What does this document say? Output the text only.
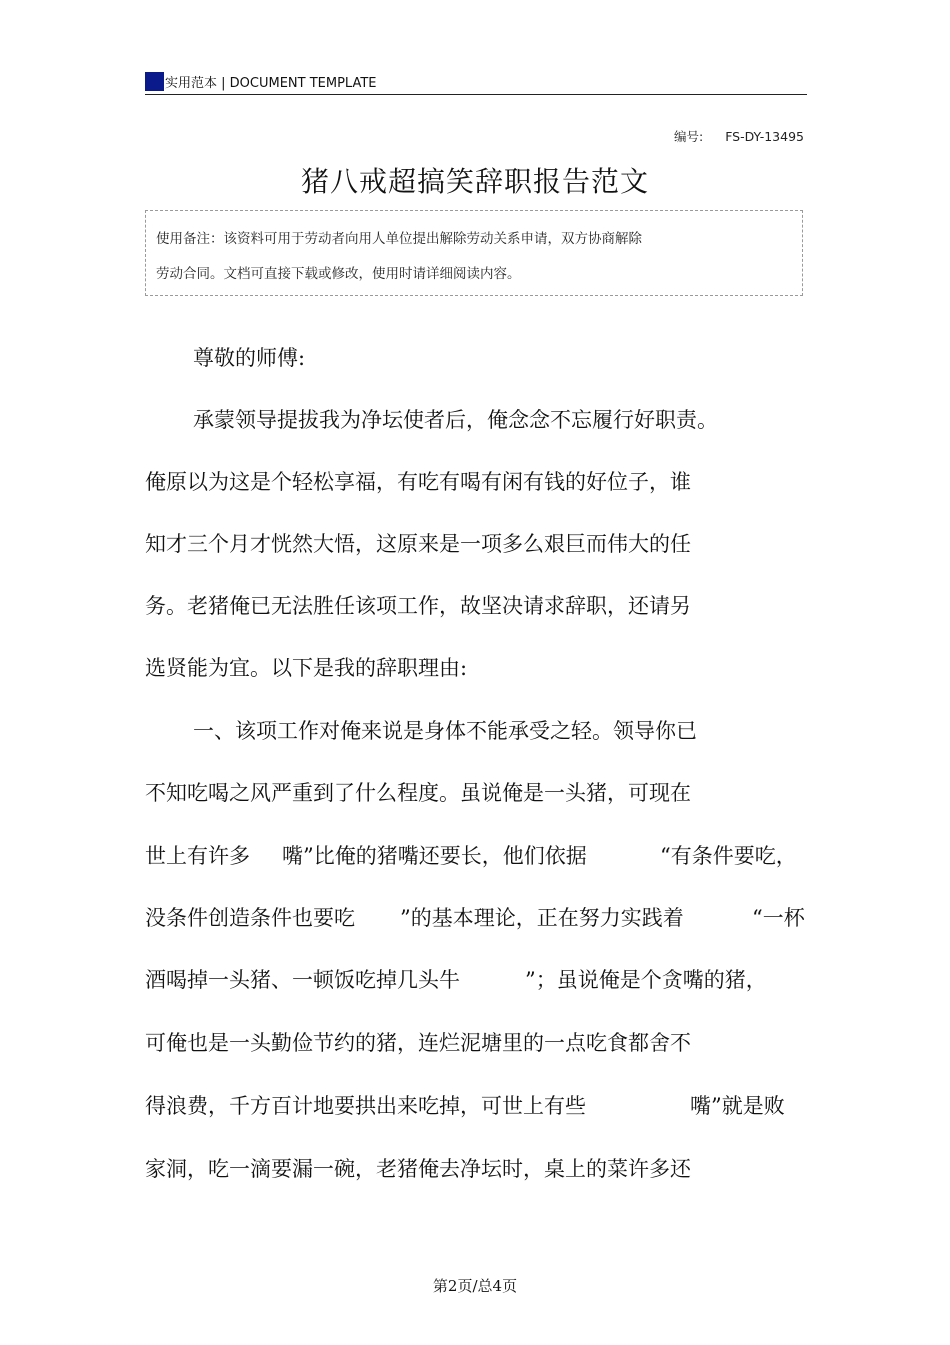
实用范本 | DOCUMENT TEMPLATE
编号: FS-DY-13495
猪八戒超搞笑辞职报告范文
使用备注：该资料可用于劳动者向用人单位提出解除劳动关系申请，双方协商解除
劳动合同。文档可直接下载或修改，使用时请详细阅读内容。
尊敬的师傅:
承蒙领导提拔我为净坛使者后，俺念念不忘履行好职责。
俺原以为这是个轻松享福，有吃有喝有闲有钱的好位子，谁
知才三个月才恍然大悟，这原来是一项多么艰巨而伟大的任
务。老猪俺已无法胜任该项工作，故坚决请求辞职，还请另
选贤能为宜。以下是我的辞职理由:
一、该项工作对俺来说是身体不能承受之轻。领导你已
不知吃喝之风严重到了什么程度。虽说俺是一头猪，可现在
世上有许多 嘴”比俺的猪嘴还要长，他们依据	“有条件要吃，
没条件创造条件也要吃 ”的基本理论，正在努力实践着	“一杯
酒喝掉一头猪、一顿饭吃掉几头牛	”；虽说俺是个贪嘴的猪，
可俺也是一头勤俭节约的猪，连烂泥塘里的一点吃食都舍不
得浪费，千方百计地要拱出来吃掉，可世上有些	嘴”就是败
家洞，吃一滴要漏一碗，老猪俺去净坛时，桌上的菜许多还
第2页/总4页
